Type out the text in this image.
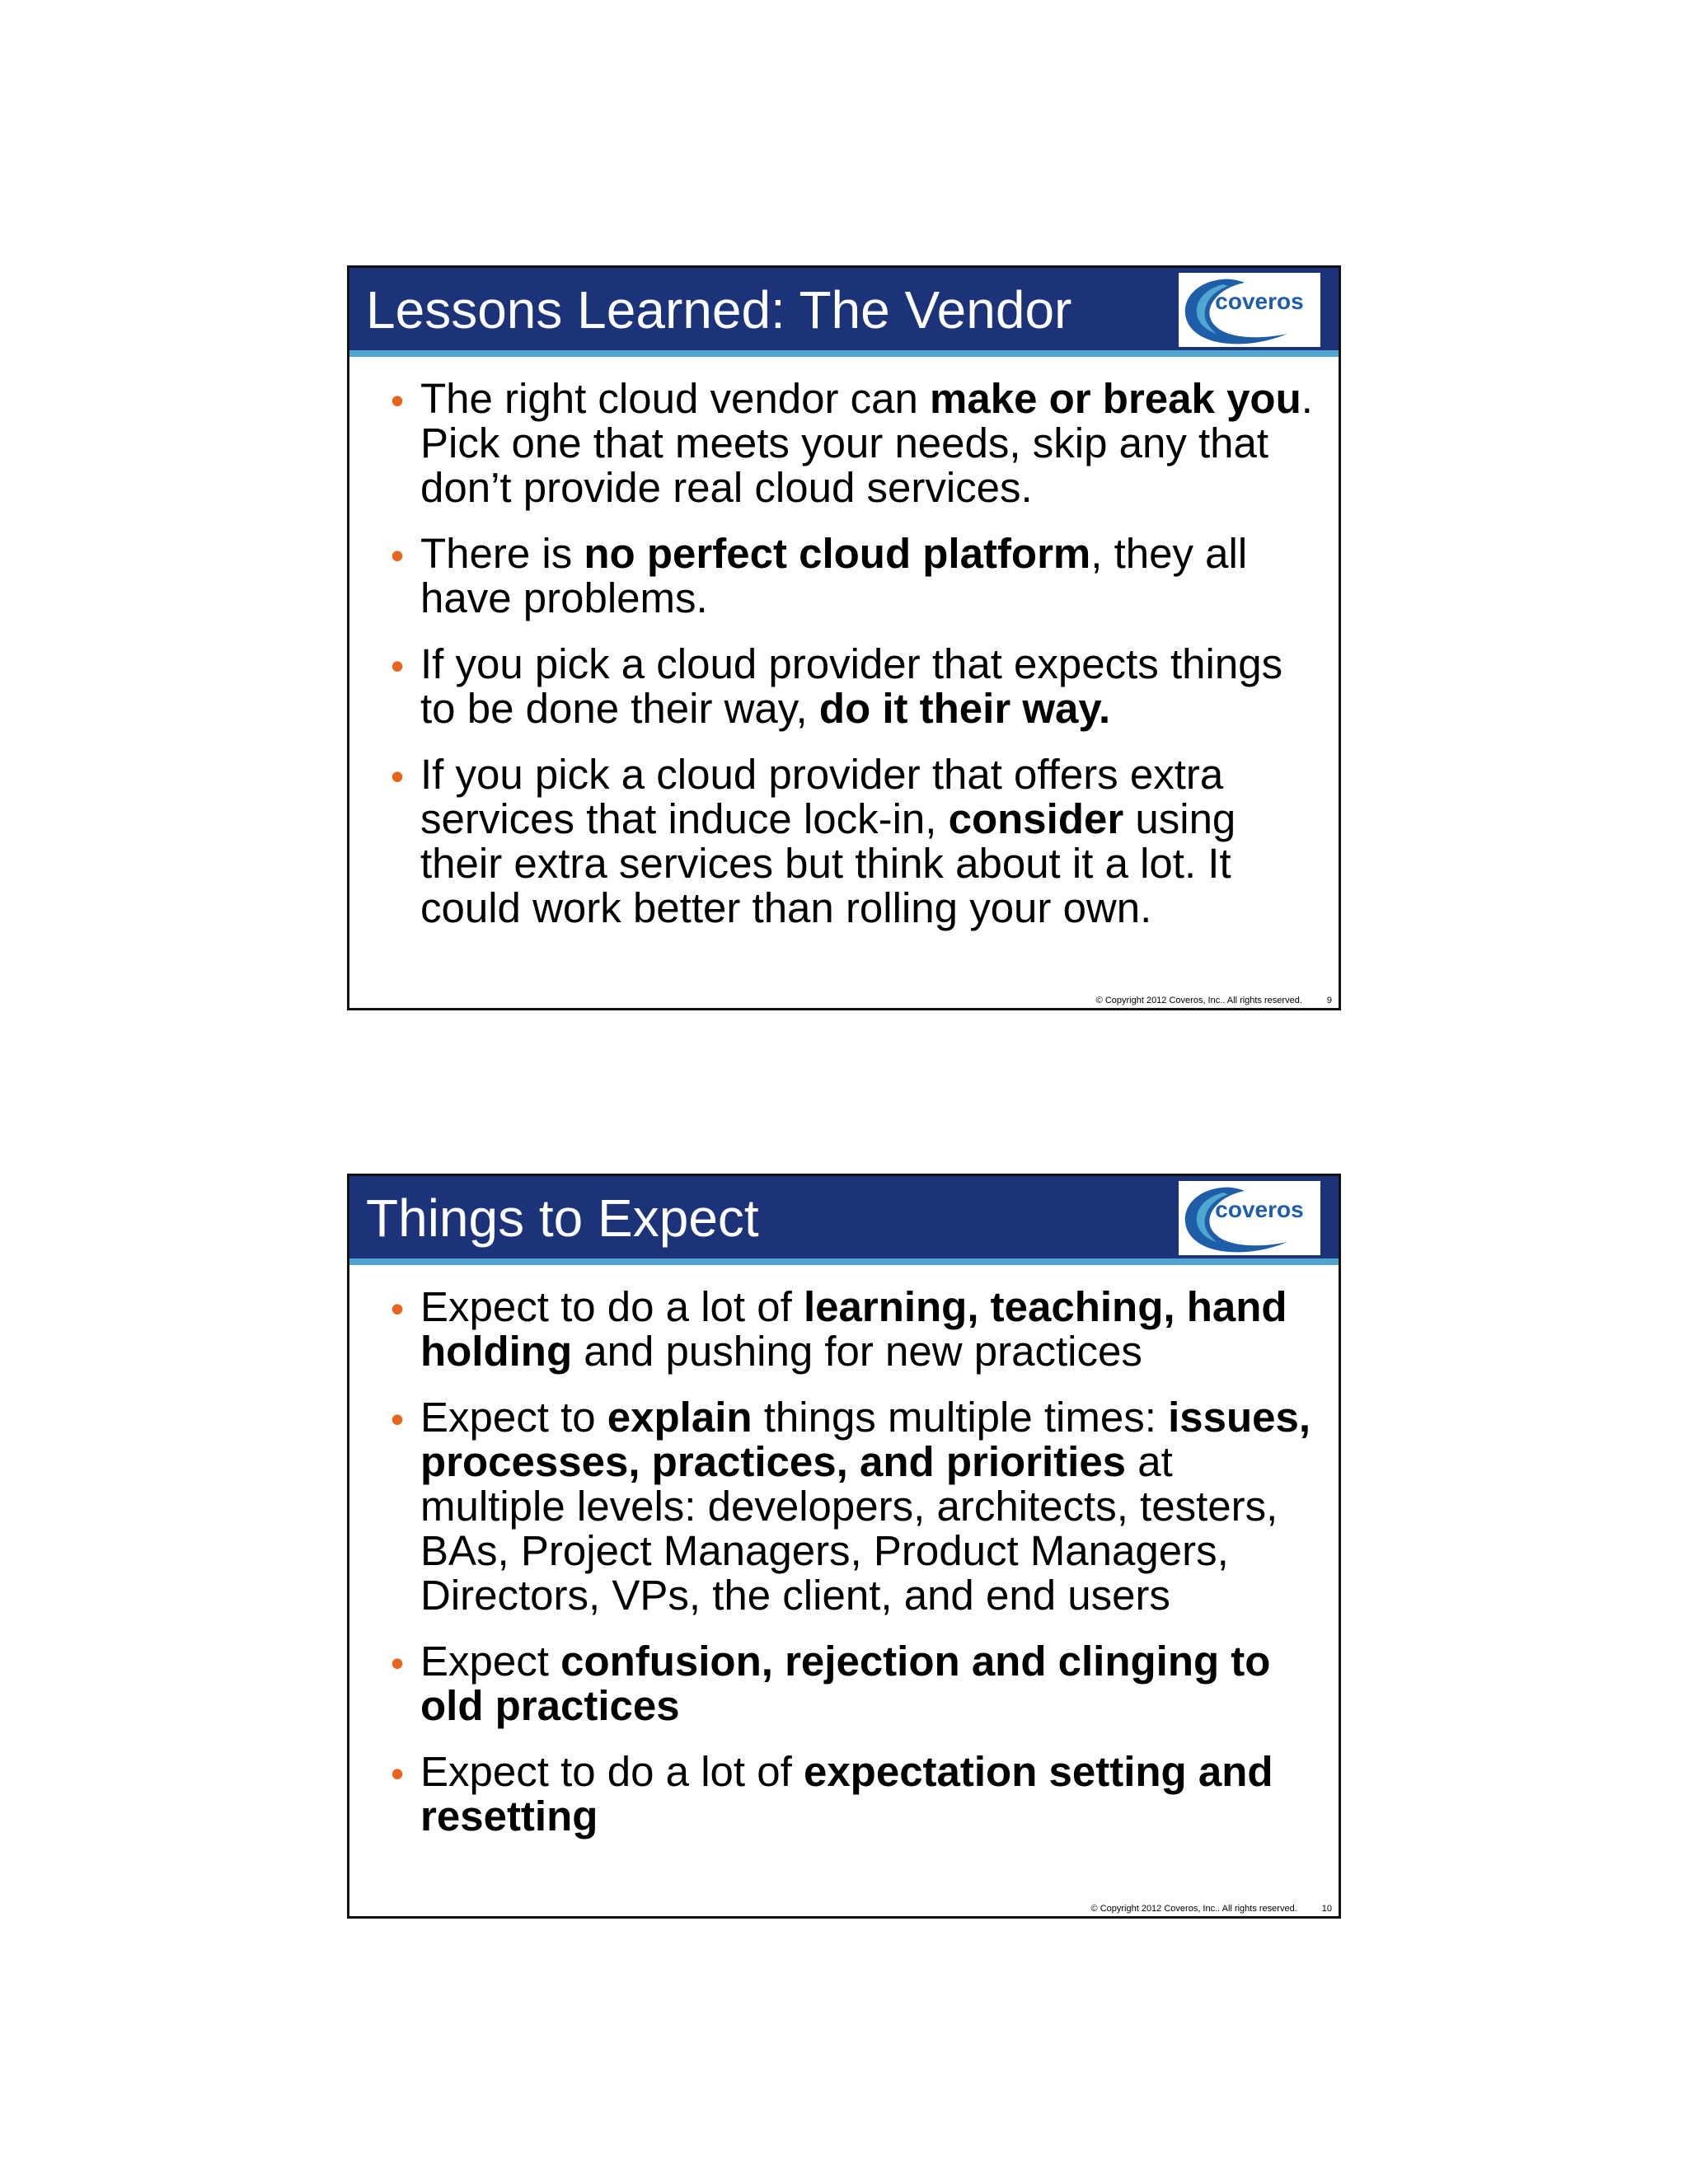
Lessons Learned: The Vendor	coveros
• The right cloud vendor can make or break you. Pick one that meets your needs, skip any that don’t provide real cloud services.
• There is no perfect cloud platform, they all have problems.
• If you pick a cloud provider that expects things to be done their way, do it their way.
• If you pick a cloud provider that offers extra services that induce lock-in, consider using their extra services but think about it a lot. It could work better than rolling your own.
© Copyright 2012 Coveros, Inc.. All rights reserved.	9
Things to Expect	coveros
• Expect to do a lot of learning, teaching, hand holding and pushing for new practices
• Expect to explain things multiple times: issues, processes, practices, and priorities at multiple levels: developers, architects, testers, BAs, Project Managers, Product Managers, Directors, VPs, the client, and end users
• Expect confusion, rejection and clinging to old practices
• Expect to do a lot of expectation setting and resetting
© Copyright 2012 Coveros, Inc.. All rights reserved.	10
